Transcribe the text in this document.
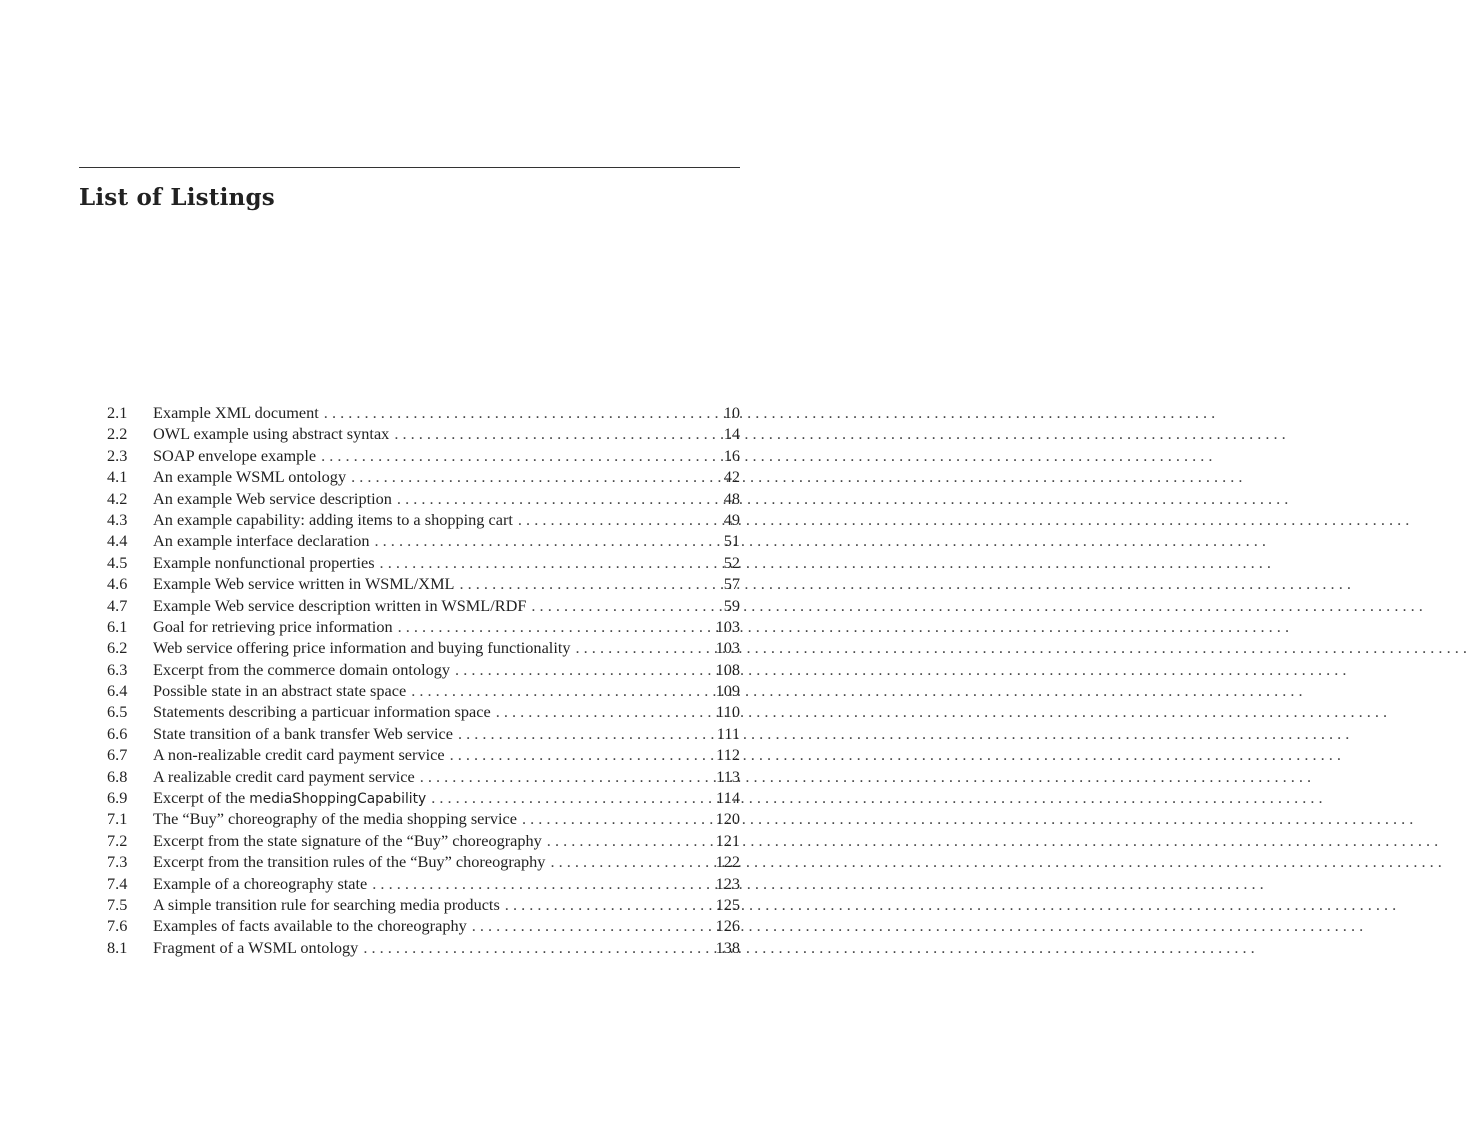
List of Listings
2.1	Example XML document . . .	10
2.2	OWL example using abstract syntax . . .	14
2.3	SOAP envelope example . . .	16
4.1	An example WSML ontology . . .	42
4.2	An example Web service description . . .	48
4.3	An example capability: adding items to a shopping cart . . .	49
4.4	An example interface declaration . . .	51
4.5	Example nonfunctional properties . . .	52
4.6	Example Web service written in WSML/XML . . .	57
4.7	Example Web service description written in WSML/RDF . . .	59
6.1	Goal for retrieving price information . . .	103
6.2	Web service offering price information and buying functionality . . .	103
6.3	Excerpt from the commerce domain ontology . . .	108
6.4	Possible state in an abstract state space . . .	109
6.5	Statements describing a particuar information space . . .	110
6.6	State transition of a bank transfer Web service . . .	111
6.7	A non-realizable credit card payment service . . .	112
6.8	A realizable credit card payment service . . .	113
6.9	Excerpt of the mediaShoppingCapability . . .	114
7.1	The “Buy” choreography of the media shopping service . . .	120
7.2	Excerpt from the state signature of the “Buy” choreography . . .	121
7.3	Excerpt from the transition rules of the “Buy” choreography . . .	122
7.4	Example of a choreography state . . .	123
7.5	A simple transition rule for searching media products . . .	125
7.6	Examples of facts available to the choreography . . .	126
8.1	Fragment of a WSML ontology . . .	138
